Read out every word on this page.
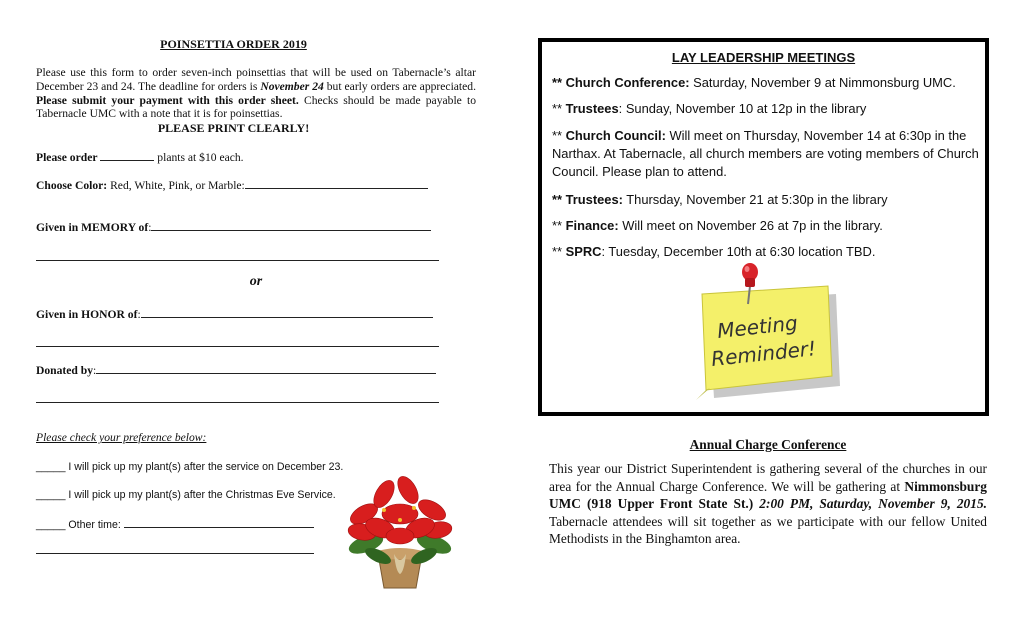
POINSETTIA ORDER 2019
Please use this form to order seven-inch poinsettias that will be used on Tabernacle’s altar December 23 and 24. The deadline for orders is November 24 but early orders are appreciated. Please submit your payment with this order sheet. Checks should be made payable to Tabernacle UMC with a note that it is for poinsettias.
PLEASE PRINT CLEARLY!
Please order	plants at $10 each.
Choose Color: Red, White, Pink, or Marble:
Given in MEMORY of:
or
Given in HONOR of:
Donated by:
Please check your preference below:
_____ I will pick up my plant(s) after the service on December 23.
_____ I will pick up my plant(s) after the Christmas Eve Service.
_____ Other time:
LAY LEADERSHIP MEETINGS
** Church Conference: Saturday, November 9 at Nimmonsburg UMC.
** Trustees: Sunday, November 10 at 12p in the library
** Church Council: Will meet on Thursday, November 14 at 6:30p in the Narthax. At Tabernacle, all church members are voting members of Church Council. Please plan to attend.
** Trustees: Thursday, November 21 at 5:30p in the library
** Finance: Will meet on November 26 at 7p in the library.
** SPRC: Tuesday, December 10th at 6:30 location TBD.
Meeting
Reminder!
Annual Charge Conference
This year our District Superintendent is gathering several of the churches in our area for the Annual Charge Conference. We will be gathering at Nimmonsburg UMC (918 Upper Front State St.) 2:00 PM, Saturday, November 9, 2015. Tabernacle attendees will sit together as we participate with our fellow United Methodists in the Binghamton area.
